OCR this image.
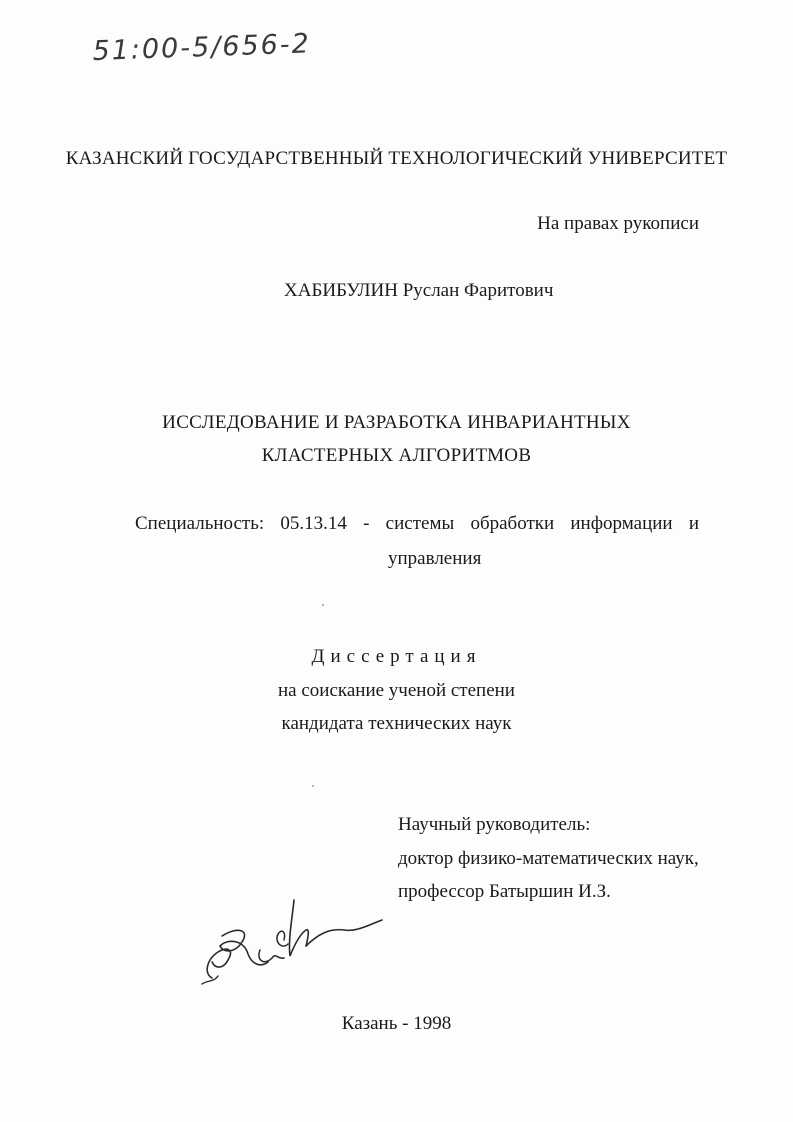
51:00-5/656-2
КАЗАНСКИЙ ГОСУДАРСТВЕННЫЙ ТЕХНОЛОГИЧЕСКИЙ УНИВЕРСИТЕТ
На правах рукописи
ХАБИБУЛИН Руслан Фаритович
ИССЛЕДОВАНИЕ И РАЗРАБОТКА ИНВАРИАНТНЫХ
КЛАСТЕРНЫХ АЛГОРИТМОВ
Специальность: 05.13.14 - системы обработки информации и
управления
Диссертация
на соискание ученой степени
кандидата технических наук
Научный руководитель:
доктор физико-математических наук,
профессор Батыршин И.З.
Казань - 1998
